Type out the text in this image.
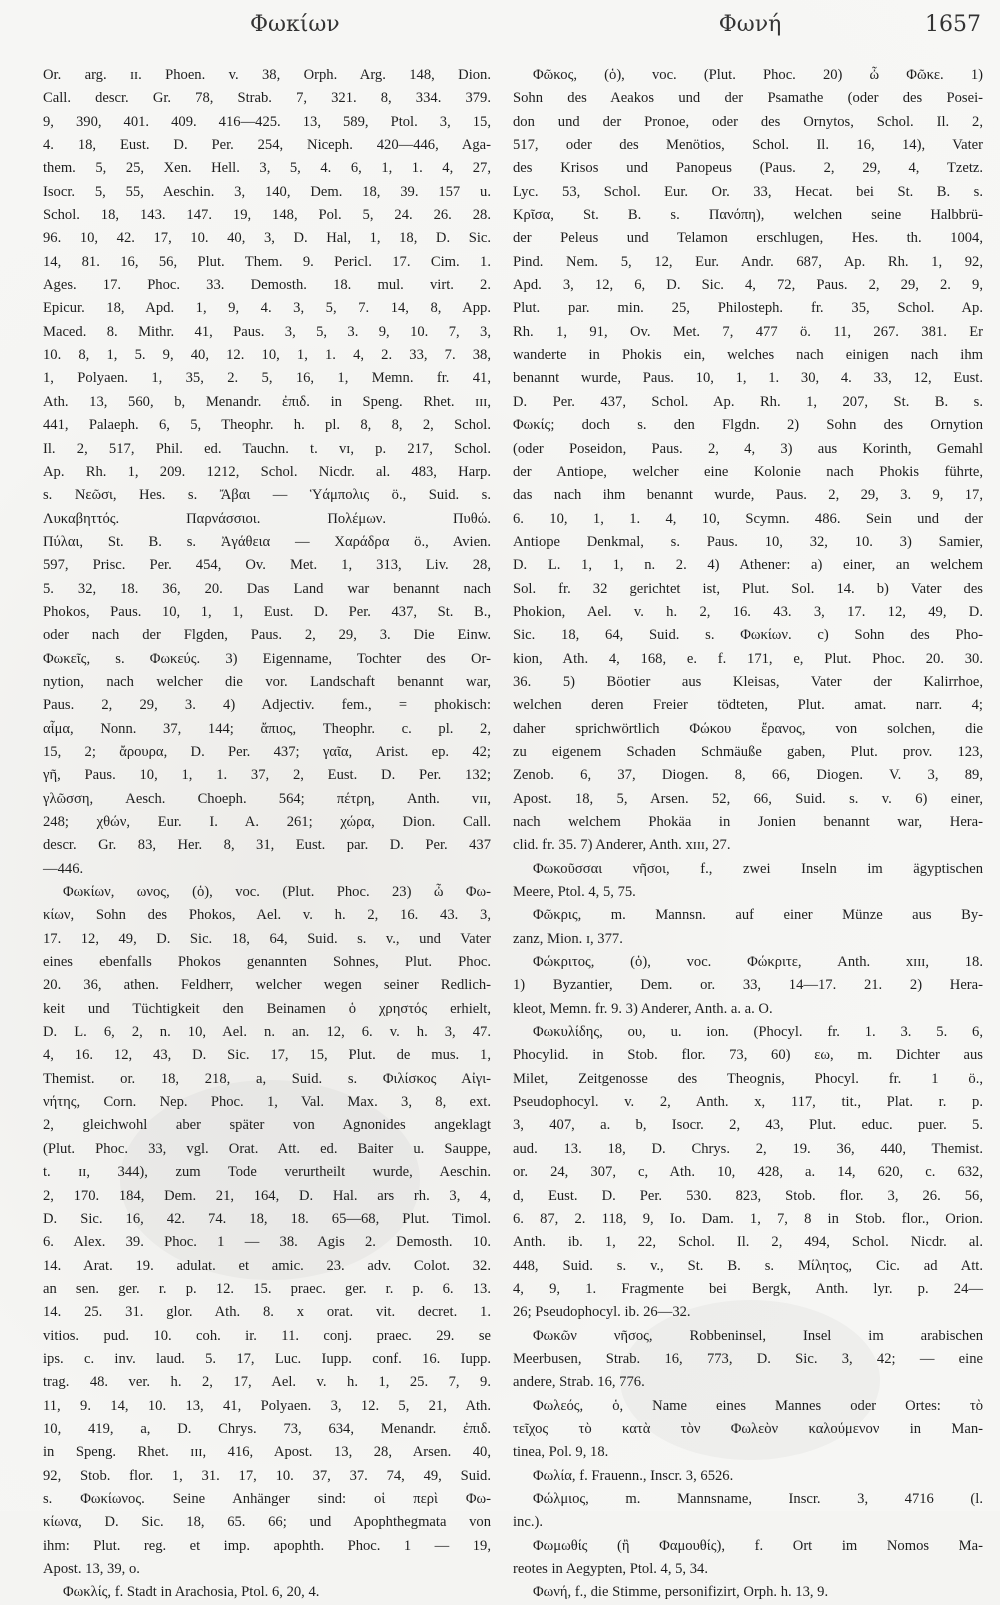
Φωκίων	Φωνή	1657
Or. arg. ɪɪ. Phoen. v. 38, Orph. Arg. 148, Dion.
Call. descr. Gr. 78, Strab. 7, 321. 8, 334. 379.
9, 390, 401. 409. 416—425. 13, 589, Ptol. 3, 15,
4. 18, Eust. D. Per. 254, Niceph. 420—446, Aga-
them. 5, 25, Xen. Hell. 3, 5, 4. 6, 1, 1. 4, 27,
Isocr. 5, 55, Aeschin. 3, 140, Dem. 18, 39. 157 u.
Schol. 18, 143. 147. 19, 148, Pol. 5, 24. 26. 28.
96. 10, 42. 17, 10. 40, 3, D. Hal, 1, 18, D. Sic.
14, 81. 16, 56, Plut. Them. 9. Pericl. 17. Cim. 1.
Ages. 17. Phoc. 33. Demosth. 18. mul. virt. 2.
Epicur. 18, Apd. 1, 9, 4. 3, 5, 7. 14, 8, App.
Maced. 8. Mithr. 41, Paus. 3, 5, 3. 9, 10. 7, 3,
10. 8, 1, 5. 9, 40, 12. 10, 1, 1. 4, 2. 33, 7. 38,
1, Polyaen. 1, 35, 2. 5, 16, 1, Memn. fr. 41,
Ath. 13, 560, b, Menandr. ἐπιδ. in Speng. Rhet. ɪɪɪ,
441, Palaeph. 6, 5, Theophr. h. pl. 8, 8, 2, Schol.
Il. 2, 517, Phil. ed. Tauchn. t. ᴠɪ, p. 217, Schol.
Ap. Rh. 1, 209. 1212, Schol. Nicdr. al. 483, Harp.
s. Νεῶσι, Hes. s. Ἄβαι — Ὑάμπολις ö., Suid. s.
Λυκαβηττός. Παρνάσσιοι. Πολέμων. Πυθώ.
Πύλαι, St. B. s. Ἀγάθεια — Χαράδρα ö., Avien.
597, Prisc. Per. 454, Ov. Met. 1, 313, Liv. 28,
5. 32, 18. 36, 20. Das Land war benannt nach
Phokos, Paus. 10, 1, 1, Eust. D. Per. 437, St. B.,
oder nach der Flgden, Paus. 2, 29, 3. Die Einw.
Φωκεῖς, s. Φωκεύς. 3) Eigenname, Tochter des Or-
nytion, nach welcher die vor. Landschaft benannt war,
Paus. 2, 29, 3. 4) Adjectiv. fem., = phokisch:
αἷμα, Nonn. 37, 144; ἄπιος, Theophr. c. pl. 2,
15, 2; ἄρουρα, D. Per. 437; γαῖα, Arist. ep. 42;
γῆ, Paus. 10, 1, 1. 37, 2, Eust. D. Per. 132;
γλῶσση, Aesch. Choeph. 564; πέτρη, Anth. ᴠɪɪ,
248; χθών, Eur. I. A. 261; χώρα, Dion. Call.
descr. Gr. 83, Her. 8, 31, Eust. par. D. Per. 437
—446.
Φωκίων, ωνος, (ὁ), voc. (Plut. Phoc. 23) ὦ Φω-
κίων, Sohn des Phokos, Ael. v. h. 2, 16. 43. 3,
17. 12, 49, D. Sic. 18, 64, Suid. s. v., und Vater
eines ebenfalls Phokos genannten Sohnes, Plut. Phoc.
20. 36, athen. Feldherr, welcher wegen seiner Redlich-
keit und Tüchtigkeit den Beinamen ὁ χρηστός erhielt,
D. L. 6, 2, n. 10, Ael. n. an. 12, 6. v. h. 3, 47.
4, 16. 12, 43, D. Sic. 17, 15, Plut. de mus. 1,
Themist. or. 18, 218, a, Suid. s. Φιλίσκος Αἰγι-
νήτης, Corn. Nep. Phoc. 1, Val. Max. 3, 8, ext.
2, gleichwohl aber später von Agnonides angeklagt
(Plut. Phoc. 33, vgl. Orat. Att. ed. Baiter u. Sauppe,
t. ɪɪ, 344), zum Tode verurtheilt wurde, Aeschin.
2, 170. 184, Dem. 21, 164, D. Hal. ars rh. 3, 4,
D. Sic. 16, 42. 74. 18, 18. 65—68, Plut. Timol.
6. Alex. 39. Phoc. 1 — 38. Agis 2. Demosth. 10.
14. Arat. 19. adulat. et amic. 23. adv. Colot. 32.
an sen. ger. r. p. 12. 15. praec. ger. r. p. 6. 13.
14. 25. 31. glor. Ath. 8. x orat. vit. decret. 1.
vitios. pud. 10. coh. ir. 11. conj. praec. 29. se
ips. c. inv. laud. 5. 17, Luc. Iupp. conf. 16. Iupp.
trag. 48. ver. h. 2, 17, Ael. v. h. 1, 25. 7, 9.
11, 9. 14, 10. 13, 41, Polyaen. 3, 12. 5, 21, Ath.
10, 419, a, D. Chrys. 73, 634, Menandr. ἐπιδ.
in Speng. Rhet. ɪɪɪ, 416, Apost. 13, 28, Arsen. 40,
92, Stob. flor. 1, 31. 17, 10. 37, 37. 74, 49, Suid.
s. Φωκίωνος. Seine Anhänger sind: οἱ περὶ Φω-
κίωνα, D. Sic. 18, 65. 66; und Apophthegmata von
ihm: Plut. reg. et imp. apophth. Phoc. 1 — 19,
Apost. 13, 39, o.
Φωκλίς, f. Stadt in Arachosia, Ptol. 6, 20, 4.
Φῶκος, (ὁ), voc. (Plut. Phoc. 20) ὦ Φῶκε. 1)
Sohn des Aeakos und der Psamathe (oder des Posei-
don und der Pronoe, oder des Ornytos, Schol. Il. 2,
517, oder des Menötios, Schol. Il. 16, 14), Vater
des Krisos und Panopeus (Paus. 2, 29, 4, Tzetz.
Lyc. 53, Schol. Eur. Or. 33, Hecat. bei St. B. s.
Κρῖσα, St. B. s. Πανόπη), welchen seine Halbbrü-
der Peleus und Telamon erschlugen, Hes. th. 1004,
Pind. Nem. 5, 12, Eur. Andr. 687, Ap. Rh. 1, 92,
Apd. 3, 12, 6, D. Sic. 4, 72, Paus. 2, 29, 2. 9,
Plut. par. min. 25, Philosteph. fr. 35, Schol. Ap.
Rh. 1, 91, Ov. Met. 7, 477 ö. 11, 267. 381. Er
wanderte in Phokis ein, welches nach einigen nach ihm
benannt wurde, Paus. 10, 1, 1. 30, 4. 33, 12, Eust.
D. Per. 437, Schol. Ap. Rh. 1, 207, St. B. s.
Φωκίς; doch s. den Flgdn. 2) Sohn des Ornytion
(oder Poseidon, Paus. 2, 4, 3) aus Korinth, Gemahl
der Antiope, welcher eine Kolonie nach Phokis führte,
das nach ihm benannt wurde, Paus. 2, 29, 3. 9, 17,
6. 10, 1, 1. 4, 10, Scymn. 486. Sein und der
Antiope Denkmal, s. Paus. 10, 32, 10. 3) Samier,
D. L. 1, 1, n. 2. 4) Athener: a) einer, an welchem
Sol. fr. 32 gerichtet ist, Plut. Sol. 14. b) Vater des
Phokion, Ael. v. h. 2, 16. 43. 3, 17. 12, 49, D.
Sic. 18, 64, Suid. s. Φωκίων. c) Sohn des Pho-
kion, Ath. 4, 168, e. f. 171, e, Plut. Phoc. 20. 30.
36. 5) Böotier aus Kleisas, Vater der Kalirrhoe,
welchen deren Freier tödteten, Plut. amat. narr. 4;
daher sprichwörtlich Φώκου ἔρανος, von solchen, die
zu eigenem Schaden Schmäuße gaben, Plut. prov. 123,
Zenob. 6, 37, Diogen. 8, 66, Diogen. V. 3, 89,
Apost. 18, 5, Arsen. 52, 66, Suid. s. v. 6) einer,
nach welchem Phokäa in Jonien benannt war, Hera-
clid. fr. 35. 7) Anderer, Anth. xɪɪɪ, 27.
Φωκοῦσσαι νῆσοι, f., zwei Inseln im ägyptischen
Meere, Ptol. 4, 5, 75.
Φῶκρις, m. Mannsn. auf einer Münze aus By-
zanz, Mion. ɪ, 377.
Φώκριτος, (ὁ), voc. Φώκριτε, Anth. xɪɪɪ, 18.
1) Byzantier, Dem. or. 33, 14—17. 21. 2) Hera-
kleot, Memn. fr. 9. 3) Anderer, Anth. a. a. O.
Φωκυλίδης, ου, u. ion. (Phocyl. fr. 1. 3. 5. 6,
Phocylid. in Stob. flor. 73, 60) εω, m. Dichter aus
Milet, Zeitgenosse des Theognis, Phocyl. fr. 1 ö.,
Pseudophocyl. v. 2, Anth. x, 117, tit., Plat. r. p.
3, 407, a. b, Isocr. 2, 43, Plut. educ. puer. 5.
aud. 13. 18, D. Chrys. 2, 19. 36, 440, Themist.
or. 24, 307, c, Ath. 10, 428, a. 14, 620, c. 632,
d, Eust. D. Per. 530. 823, Stob. flor. 3, 26. 56,
6. 87, 2. 118, 9, Io. Dam. 1, 7, 8 in Stob. flor., Orion.
Anth. ib. 1, 22, Schol. Il. 2, 494, Schol. Nicdr. al.
448, Suid. s. v., St. B. s. Μίλητος, Cic. ad Att.
4, 9, 1. Fragmente bei Bergk, Anth. lyr. p. 24—
26; Pseudophocyl. ib. 26—32.
Φωκῶν νῆσος, Robbeninsel, Insel im arabischen
Meerbusen, Strab. 16, 773, D. Sic. 3, 42; — eine
andere, Strab. 16, 776.
Φωλεός, ὁ, Name eines Mannes oder Ortes: τὸ
τεῖχος τὸ κατὰ τὸν Φωλεὸν καλούμενον in Man-
tinea, Pol. 9, 18.
Φωλία, f. Frauenn., Inscr. 3, 6526.
Φώλμιος, m. Mannsname, Inscr. 3, 4716 (l.
inc.).
Φωμωθίς (ἢ Φαμουθίς), f. Ort im Nomos Ma-
reotes in Aegypten, Ptol. 4, 5, 34.
Φωνή, f., die Stimme, personifizirt, Orph. h. 13, 9.
